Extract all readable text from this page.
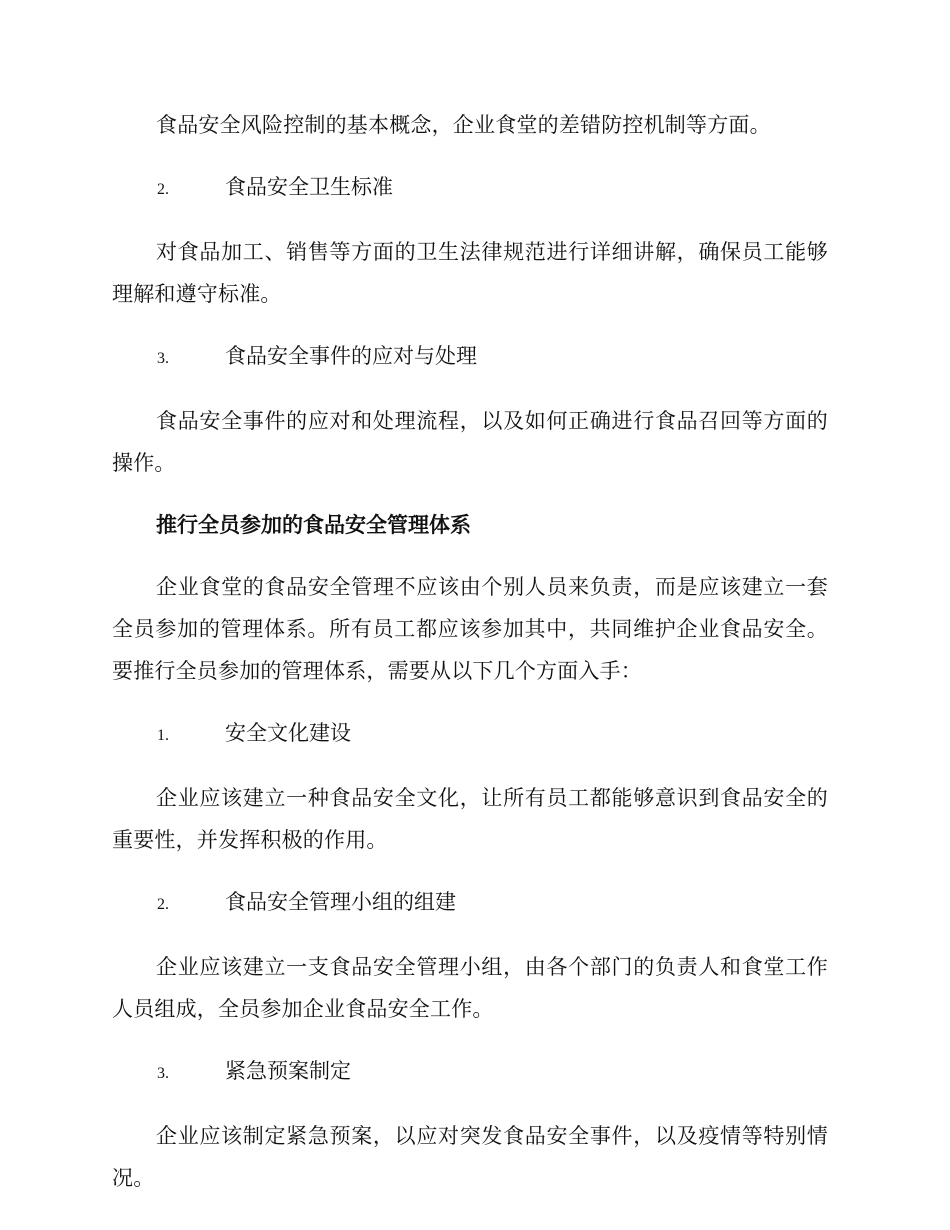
食品安全风险控制的基本概念，企业食堂的差错防控机制等方面。

2.	食品安全卫生标准

对食品加工、销售等方面的卫生法律规范进行详细讲解，确保员工能够理解和遵守标准。

3.	食品安全事件的应对与处理

食品安全事件的应对和处理流程，以及如何正确进行食品召回等方面的操作。

推行全员参加的食品安全管理体系

企业食堂的食品安全管理不应该由个别人员来负责，而是应该建立一套全员参加的管理体系。所有员工都应该参加其中，共同维护企业食品安全。要推行全员参加的管理体系，需要从以下几个方面入手：

1.	安全文化建设

企业应该建立一种食品安全文化，让所有员工都能够意识到食品安全的重要性，并发挥积极的作用。

2.	食品安全管理小组的组建

企业应该建立一支食品安全管理小组，由各个部门的负责人和食堂工作人员组成，全员参加企业食品安全工作。

3.	紧急预案制定

企业应该制定紧急预案，以应对突发食品安全事件，以及疫情等特别情况。
